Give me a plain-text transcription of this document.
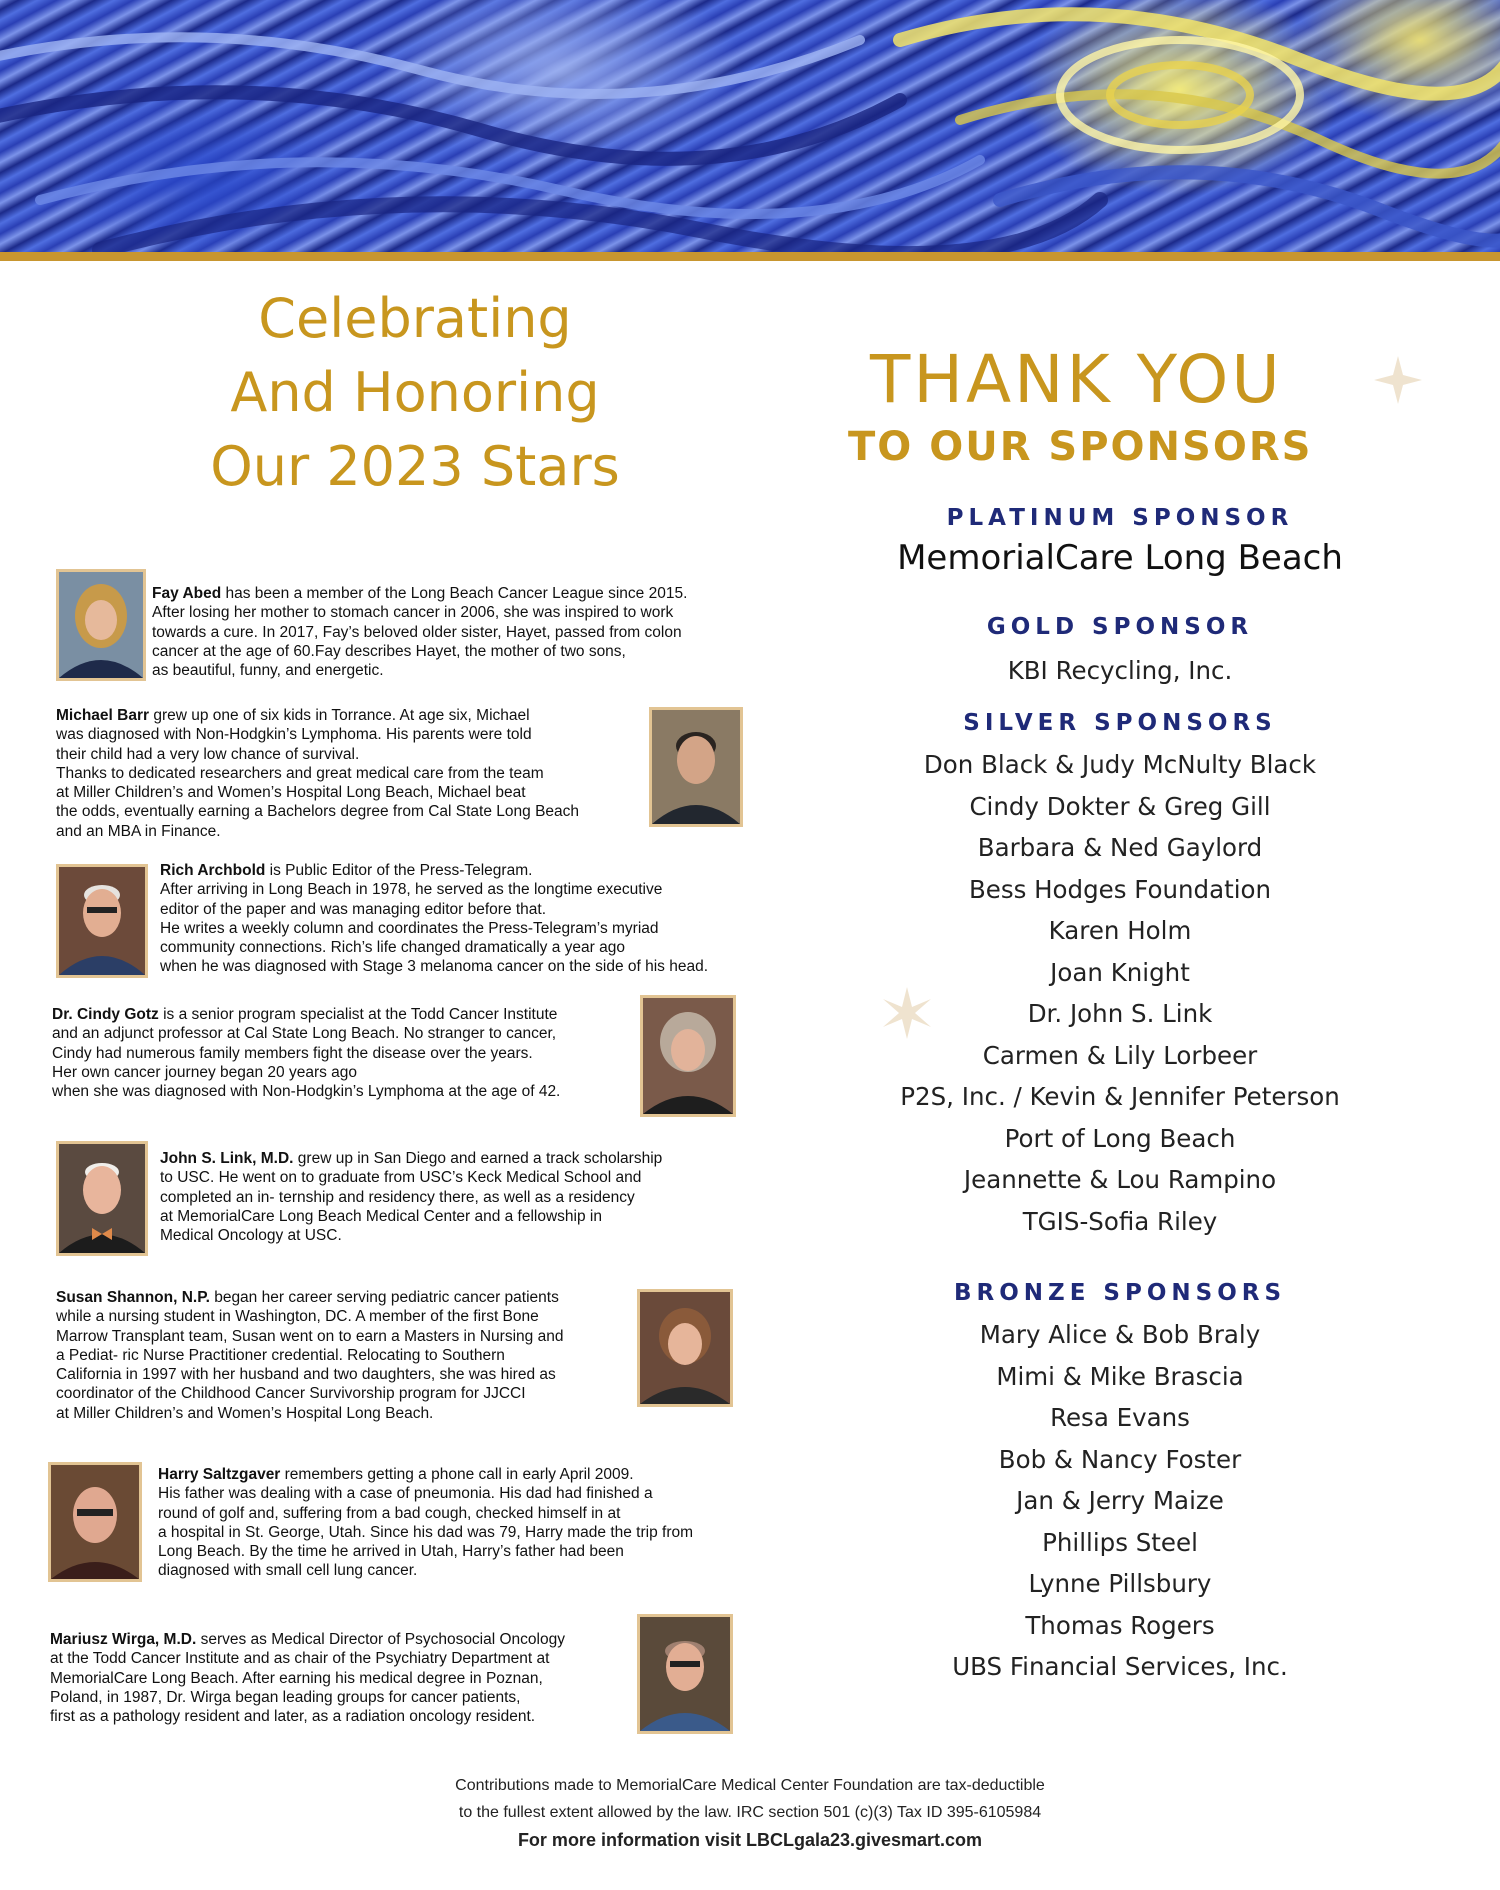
Celebrating
And Honoring
Our 2023 Stars

Fay Abed has been a member of the Long Beach Cancer League since 2015.

After losing her mother to stomach cancer in 2006, she was inspired to work

towards a cure. In 2017, Fay’s beloved older sister, Hayet, passed from colon

cancer at the age of 60.Fay describes Hayet, the mother of two sons,

as beautiful, funny, and energetic.

Michael Barr grew up one of six kids in Torrance. At age six, Michael

was diagnosed with Non-Hodgkin’s Lymphoma. His parents were told

their child had a very low chance of survival.

Thanks to dedicated researchers and great medical care from the team

at Miller Children’s and Women’s Hospital Long Beach, Michael beat

the odds, eventually earning a Bachelors degree from Cal State Long Beach

and an MBA in Finance.

Rich Archbold is Public Editor of the Press-Telegram.

After arriving in Long Beach in 1978, he served as the longtime executive

editor of the paper and was managing editor before that.

He writes a weekly column and coordinates the Press-Telegram’s myriad

community connections. Rich’s life changed dramatically a year ago

when he was diagnosed with Stage 3 melanoma cancer on the side of his head.

Dr. Cindy Gotz is a senior program specialist at the Todd Cancer Institute

and an adjunct professor at Cal State Long Beach. No stranger to cancer,

Cindy had numerous family members fight the disease over the years.

Her own cancer journey began 20 years ago

when she was diagnosed with Non-Hodgkin’s Lymphoma at the age of 42.

John S. Link, M.D. grew up in San Diego and earned a track scholarship

to USC. He went on to graduate from USC’s Keck Medical School and

completed an in- ternship and residency there, as well as a residency

at MemorialCare Long Beach Medical Center and a fellowship in

Medical Oncology at USC.

Susan Shannon, N.P. began her career serving pediatric cancer patients

while a nursing student in Washington, DC. A member of the first Bone

Marrow Transplant team, Susan went on to earn a Masters in Nursing and

a Pediat- ric Nurse Practitioner credential. Relocating to Southern

California in 1997 with her husband and two daughters, she was hired as

coordinator of the Childhood Cancer Survivorship program for JJCCI

at Miller Children’s and Women’s Hospital Long Beach.

Harry Saltzgaver remembers getting a phone call in early April 2009.

His father was dealing with a case of pneumonia. His dad had finished a

round of golf and, suffering from a bad cough, checked himself in at

a hospital in St. George, Utah. Since his dad was 79, Harry made the trip from

Long Beach. By the time he arrived in Utah, Harry’s father had been

diagnosed with small cell lung cancer.

Mariusz Wirga, M.D. serves as Medical Director of Psychosocial Oncology

at the Todd Cancer Institute and as chair of the Psychiatry Department at

MemorialCare Long Beach. After earning his medical degree in Poznan,

Poland, in 1987, Dr. Wirga began leading groups for cancer patients,

first as a pathology resident and later, as a radiation oncology resident.

THANK YOU
TO OUR SPONSORS
PLATINUM SPONSOR
MemorialCare Long Beach
GOLD SPONSOR
KBI Recycling, Inc.
SILVER SPONSORS
Don Black & Judy McNulty Black
Cindy Dokter & Greg Gill
Barbara & Ned Gaylord
Bess Hodges Foundation
Karen Holm
Joan Knight
Dr. John S. Link
Carmen & Lily Lorbeer
P2S, Inc. / Kevin & Jennifer Peterson
Port of Long Beach
Jeannette & Lou Rampino
TGIS-Sofia Riley
BRONZE SPONSORS
Mary Alice & Bob Braly
Mimi & Mike Brascia
Resa Evans
Bob & Nancy Foster
Jan & Jerry Maize
Phillips Steel
Lynne Pillsbury
Thomas Rogers
UBS Financial Services, Inc.
Contributions made to MemorialCare Medical Center Foundation are tax-deductible
to the fullest extent allowed by the law. IRC section 501 (c)(3) Tax ID 395-6105984
For more information visit LBCLgala23.givesmart.com
